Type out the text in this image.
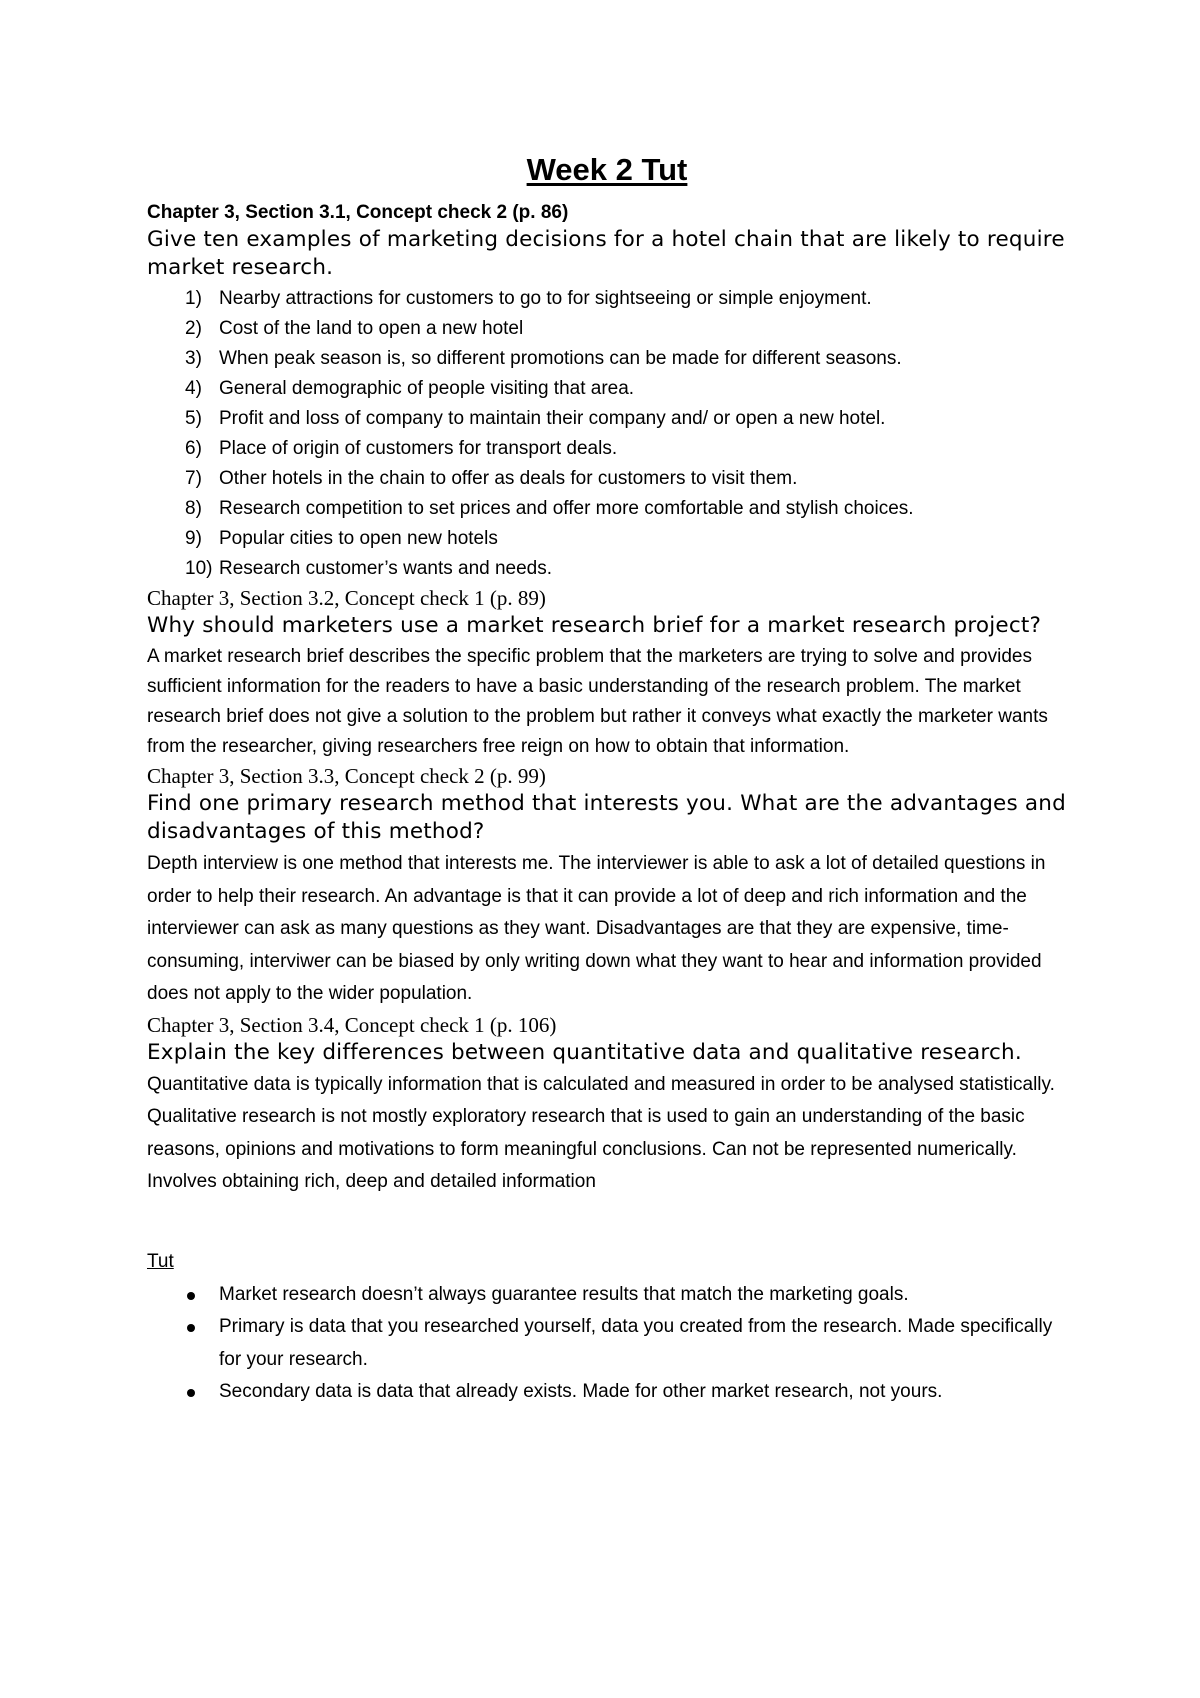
Week 2 Tut

Chapter 3, Section 3.1, Concept check 2 (p. 86)

Give ten examples of marketing decisions for a hotel chain that are likely to require market research.

1) Nearby attractions for customers to go to for sightseeing or simple enjoyment.
2) Cost of the land to open a new hotel
3) When peak season is, so different promotions can be made for different seasons.
4) General demographic of people visiting that area.
5) Profit and loss of company to maintain their company and/ or open a new hotel.
6) Place of origin of customers for transport deals.
7) Other hotels in the chain to offer as deals for customers to visit them.
8) Research competition to set prices and offer more comfortable and stylish choices.
9) Popular cities to open new hotels
10) Research customer’s wants and needs.

Chapter 3, Section 3.2, Concept check 1 (p. 89)

Why should marketers use a market research brief for a market research project?

A market research brief describes the specific problem that the marketers are trying to solve and provides sufficient information for the readers to have a basic understanding of the research problem. The market research brief does not give a solution to the problem but rather it conveys what exactly the marketer wants from the researcher, giving researchers free reign on how to obtain that information.

Chapter 3, Section 3.3, Concept check 2 (p. 99)

Find one primary research method that interests you. What are the advantages and disadvantages of this method?

Depth interview is one method that interests me. The interviewer is able to ask a lot of detailed questions in order to help their research. An advantage is that it can provide a lot of deep and rich information and the interviewer can ask as many questions as they want. Disadvantages are that they are expensive, time-consuming, interviwer can be biased by only writing down what they want to hear and information provided does not apply to the wider population.

Chapter 3, Section 3.4, Concept check 1 (p. 106)

Explain the key differences between quantitative data and qualitative research.

Quantitative data is typically information that is calculated and measured in order to be analysed statistically. Qualitative research is not mostly exploratory research that is used to gain an understanding of the basic reasons, opinions and motivations to form meaningful conclusions. Can not be represented numerically. Involves obtaining rich, deep and detailed information

Tut

Market research doesn’t always guarantee results that match the marketing goals.
Primary is data that you researched yourself, data you created from the research. Made specifically for your research.
Secondary data is data that already exists. Made for other market research, not yours.
